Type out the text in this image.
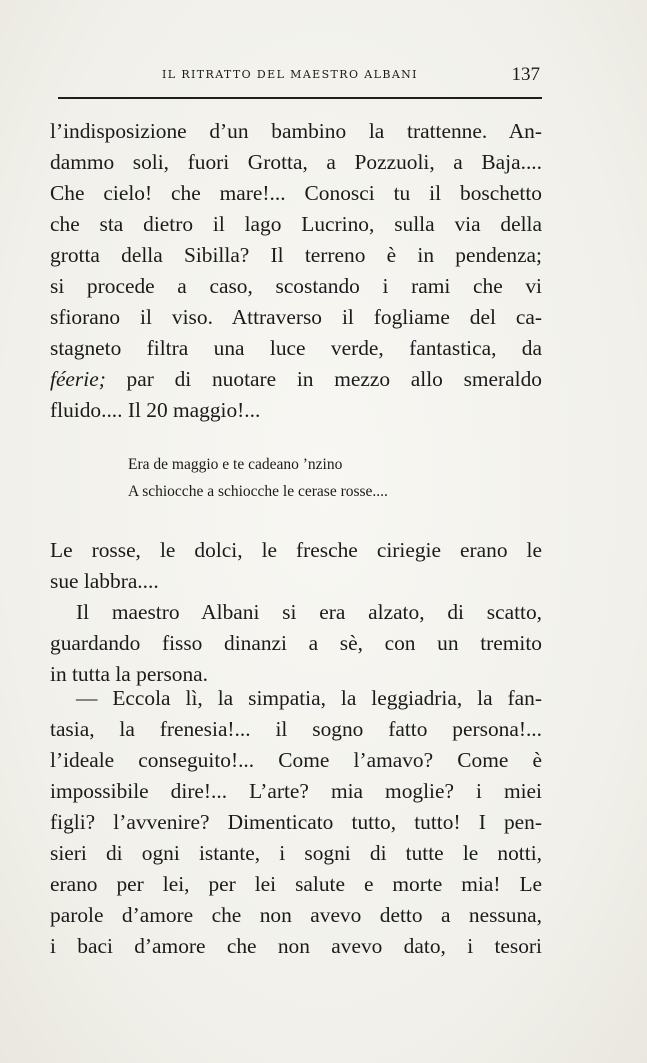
IL RITRATTO DEL MAESTRO ALBANI	137
l’indisposizione d’un bambino la trattenne. An-
dammo soli, fuori Grotta, a Pozzuoli, a Baja....
Che cielo! che mare!... Conosci tu il boschetto
che sta dietro il lago Lucrino, sulla via della
grotta della Sibilla? Il terreno è in pendenza;
si procede a caso, scostando i rami che vi
sfiorano il viso. Attraverso il fogliame del ca-
stagneto filtra una luce verde, fantastica, da
féerie; par di nuotare in mezzo allo smeraldo
fluido.... Il 20 maggio!...
Era de maggio e te cadeano ’nzino
A schiocche a schiocche le cerase rosse....
Le rosse, le dolci, le fresche ciriegie erano le
sue labbra....
Il maestro Albani si era alzato, di scatto,
guardando fisso dinanzi a sè, con un tremito
in tutta la persona.
— Eccola lì, la simpatia, la leggiadria, la fan-
tasia, la frenesia!... il sogno fatto persona!...
l’ideale conseguito!... Come l’amavo? Come è
impossibile dire!... L’arte? mia moglie? i miei
figli? l’avvenire? Dimenticato tutto, tutto! I pen-
sieri di ogni istante, i sogni di tutte le notti,
erano per lei, per lei salute e morte mia! Le
parole d’amore che non avevo detto a nessuna,
i baci d’amore che non avevo dato, i tesori
